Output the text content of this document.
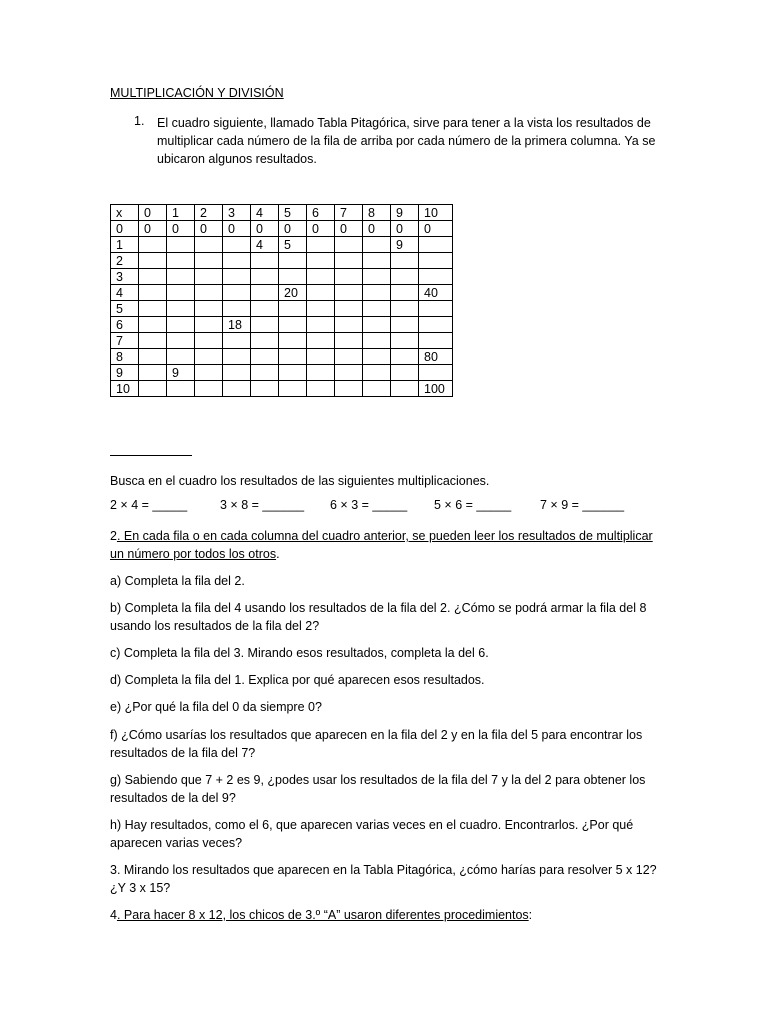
MULTIPLICACIÓN Y DIVISIÓN
1. El cuadro siguiente, llamado Tabla Pitagórica, sirve para tener a la vista los resultados de multiplicar cada número de la fila de arriba por cada número de la primera columna. Ya se ubicaron algunos resultados.
x	0	1	2	3	4	5	6	7	8	9	10
0	0	0	0	0	0	0	0	0	0	0	0
1					4	5				9	
2											
3											
4						20					40
5											
6				18							
7											
8											80
9		9									
10											100
Busca en el cuadro los resultados de las siguientes multiplicaciones.
2 × 4 = _____	3 × 8 = ______ 6 × 3 = _____ 5 × 6 = _____ 7 × 9 = ______
2. En cada fila o en cada columna del cuadro anterior, se pueden leer los resultados de multiplicar un número por todos los otros.
a) Completa la fila del 2.
b) Completa la fila del 4 usando los resultados de la fila del 2. ¿Cómo se podrá armar la fila del 8 usando los resultados de la fila del 2?
c) Completa la fila del 3. Mirando esos resultados, completa la del 6.
d) Completa la fila del 1. Explica por qué aparecen esos resultados.
e) ¿Por qué la fila del 0 da siempre 0?
f) ¿Cómo usarías los resultados que aparecen en la fila del 2 y en la fila del 5 para encontrar los resultados de la fila del 7?
g) Sabiendo que 7 + 2 es 9, ¿podes usar los resultados de la fila del 7 y la del 2 para obtener los resultados de la del 9?
h) Hay resultados, como el 6, que aparecen varias veces en el cuadro. Encontrarlos. ¿Por qué aparecen varias veces?
3. Mirando los resultados que aparecen en la Tabla Pitagórica, ¿cómo harías para resolver 5 x 12? ¿Y 3 x 15?
4. Para hacer 8 x 12, los chicos de 3.º “A” usaron diferentes procedimientos:
